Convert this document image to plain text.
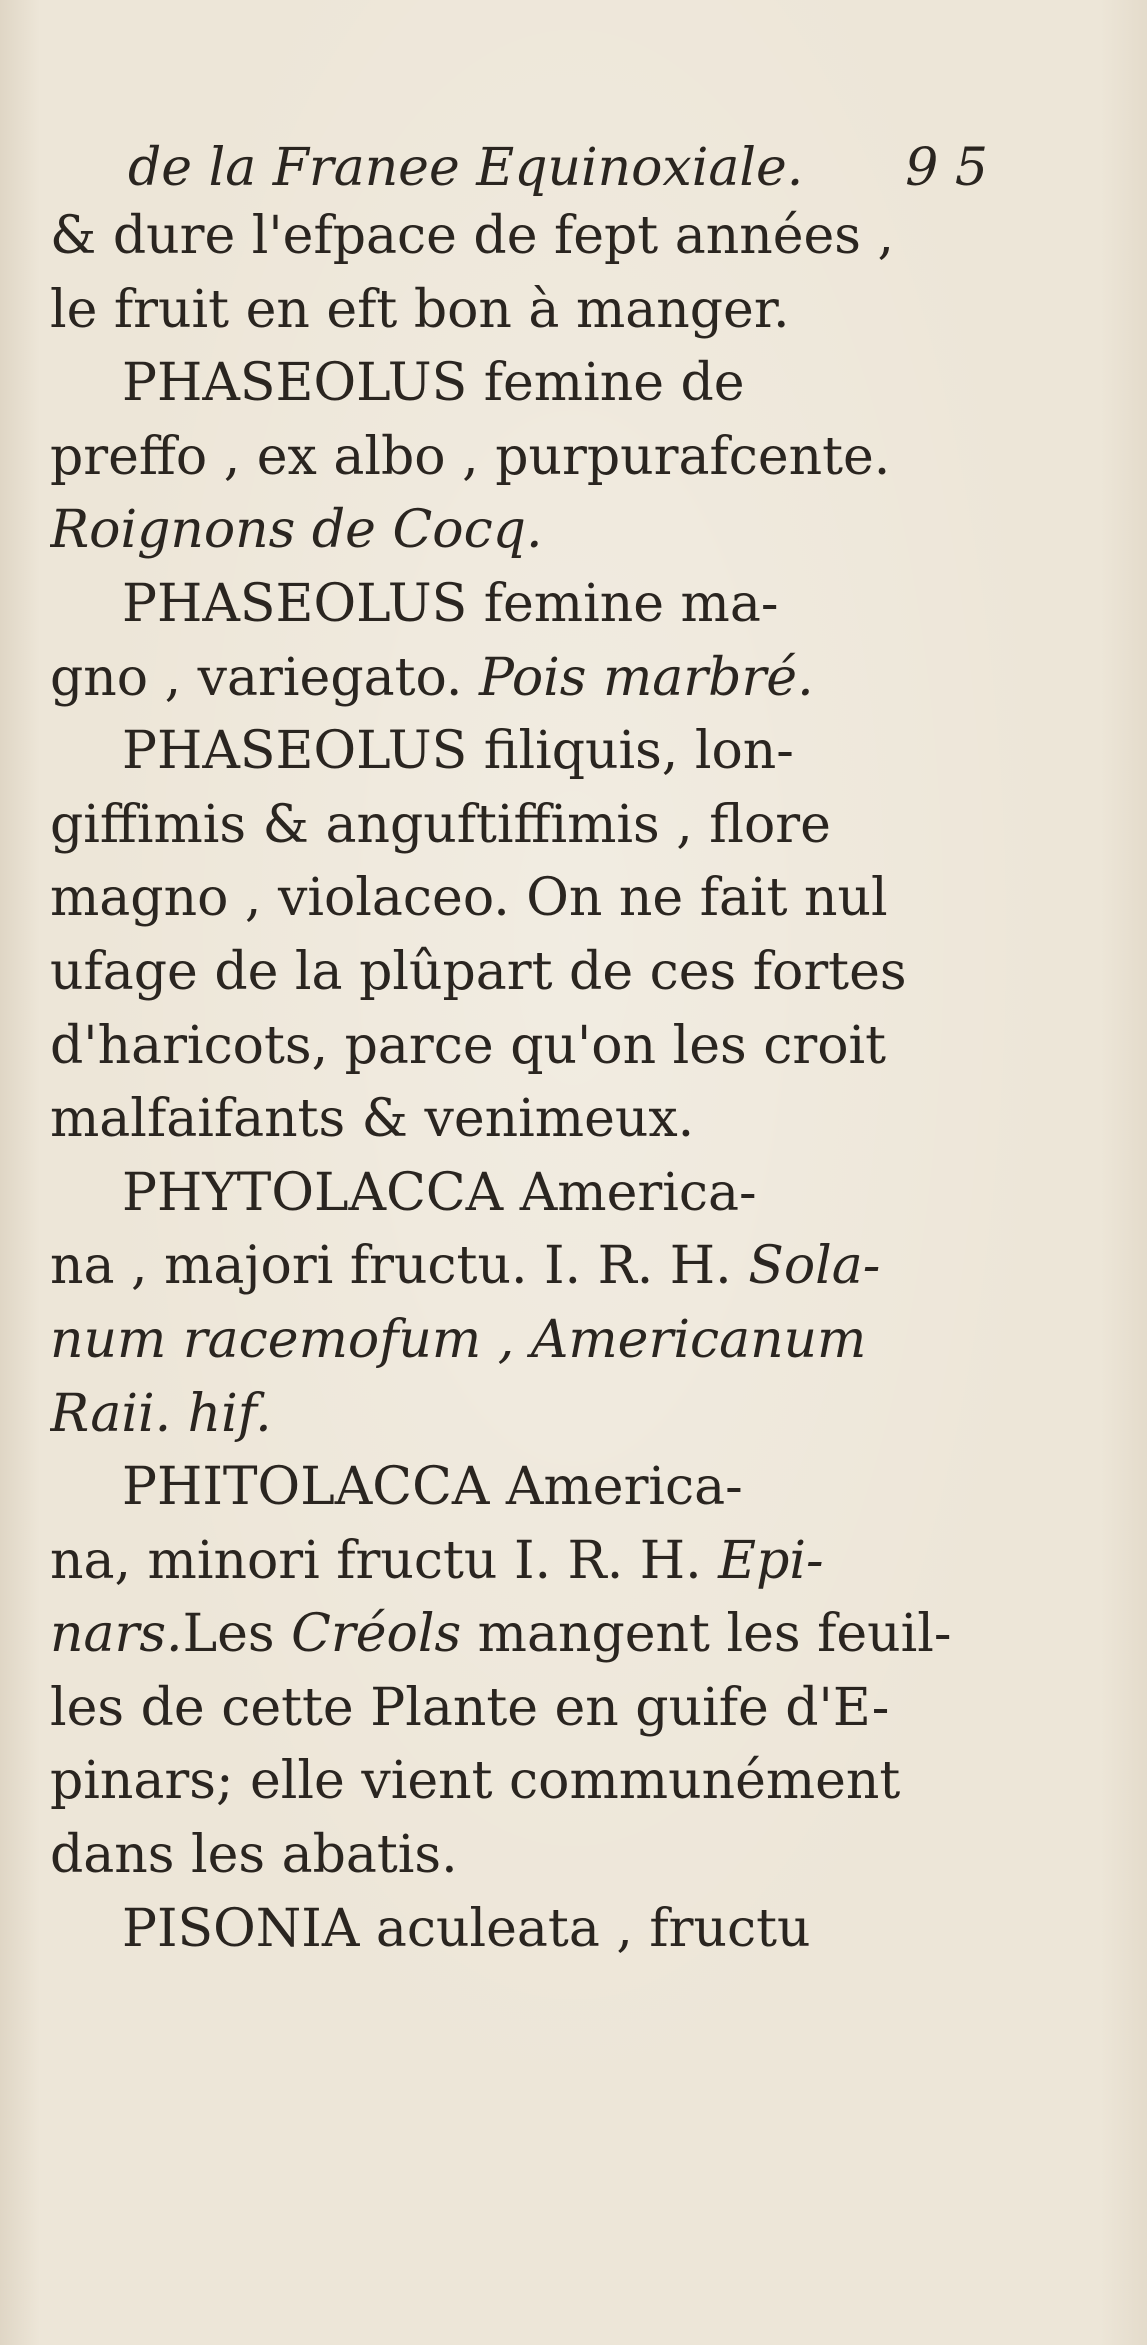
de la Franee Equinoxiale. 9 5
& dure l'efpace de fept années ,
le fruit en eft bon à manger.
PHASEOLUS femine de
preffo , ex albo , purpurafcente.
Roignons de Cocq.
PHASEOLUS femine ma-
gno , variegato. Pois marbré.
PHASEOLUS filiquis, lon-
giffimis & anguftiffimis , flore
magno , violaceo. On ne fait nul
ufage de la plûpart de ces fortes
d'haricots, parce qu'on les croit
malfaifants & venimeux.
PHYTOLACCA America-
na , majori fructu. I. R. H. Sola-
num racemofum , Americanum
Raii. hif.
PHITOLACCA America-
na, minori fructu I. R. H. Epi-
nars.Les Créols mangent les feuil-
les de cette Plante en guife d'E-
pinars; elle vient communément
dans les abatis.
PISONIA aculeata , fructu
